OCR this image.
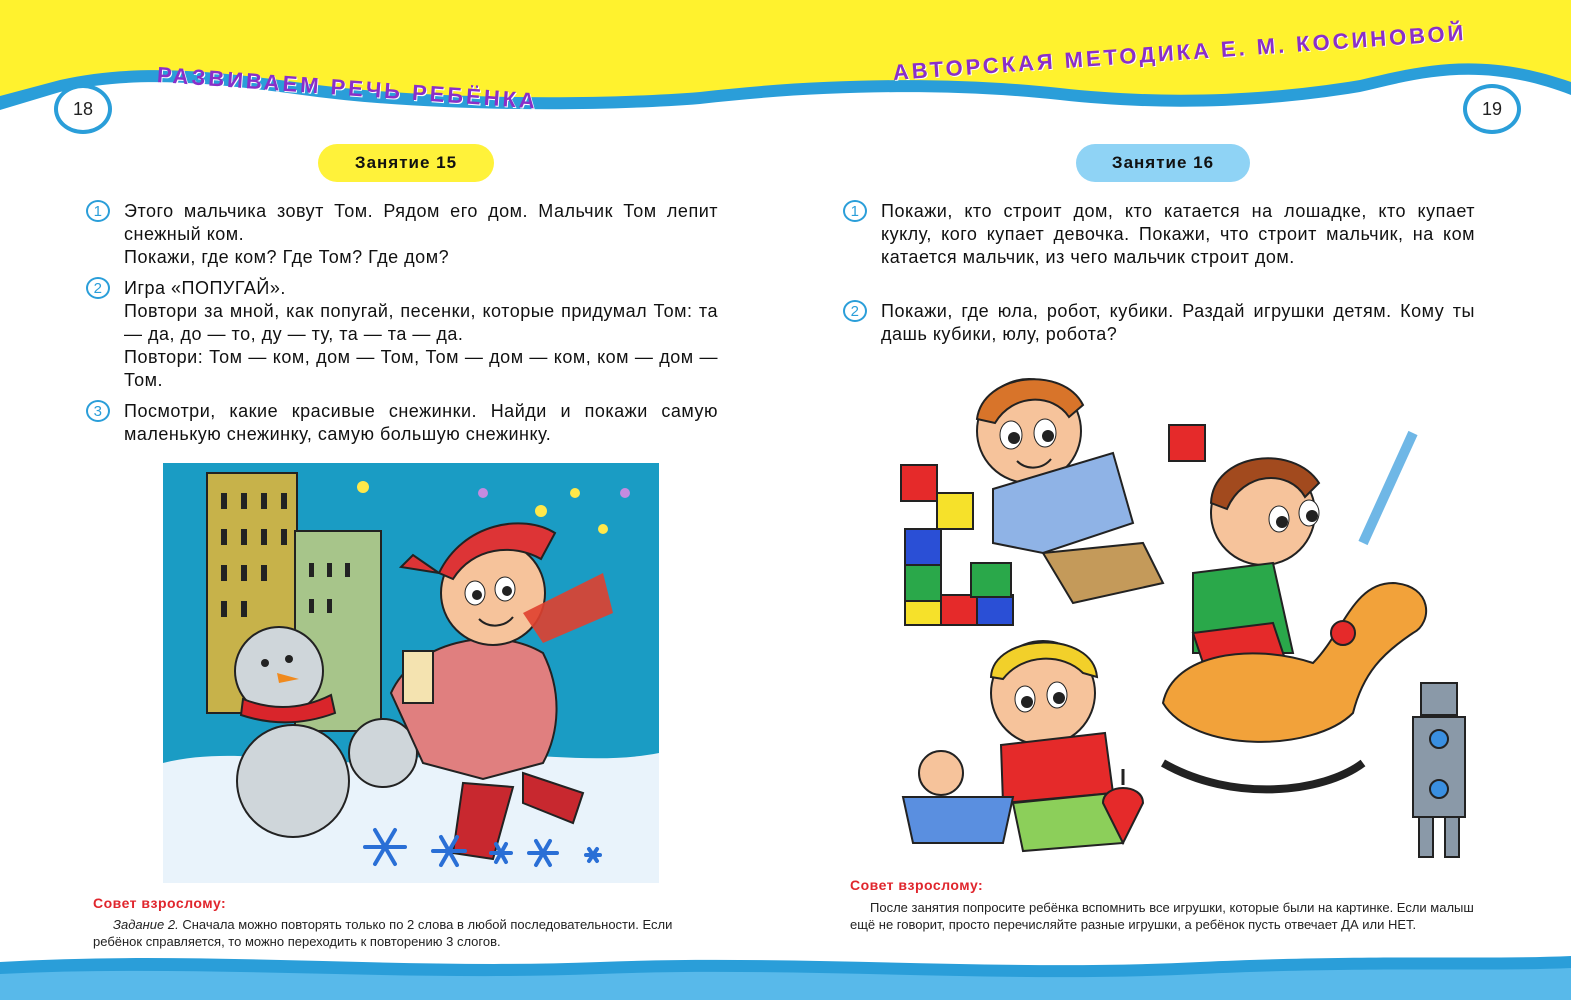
РАЗВИВАЕМ РЕЧЬ РЕБЁНКА
АВТОРСКАЯ МЕТОДИКА Е. М. КОСИНОВОЙ
18	19
Занятие 15
1	Этого мальчика зовут Том. Рядом его дом. Мальчик Том лепит снежный ком.

Покажи, где ком? Где Том? Где дом?

2	Игра «ПОПУГАЙ».

Повтори за мной, как попугай, песенки, которые придумал Том: та — да, до — то, ду — ту, та — та — да.

Повтори: Том — ком, дом — Том, Том — дом — ком, ком — дом — Том.

3	Посмотри, какие красивые снежинки. Найди и покажи самую маленькую снежинку, самую большую снежинку.

Совет взрослому:
Задание 2. Сначала можно повторять только по 2 слова в любой последовательности. Если ребёнок справляется, то можно переходить к повторению 3 слогов.
Занятие 16
1	Покажи, кто строит дом, кто катается на лошадке, кто купает куклу, кого купает девочка. Покажи, что строит мальчик, на ком катается мальчик, из чего мальчик строит дом.

2	Покажи, где юла, робот, кубики. Раздай игрушки детям. Кому ты дашь кубики, юлу, робота?

Совет взрослому:
После занятия попросите ребёнка вспомнить все игрушки, которые были на картинке. Если малыш ещё не говорит, просто перечисляйте разные игрушки, а ребёнок пусть отвечает ДА или НЕТ.
